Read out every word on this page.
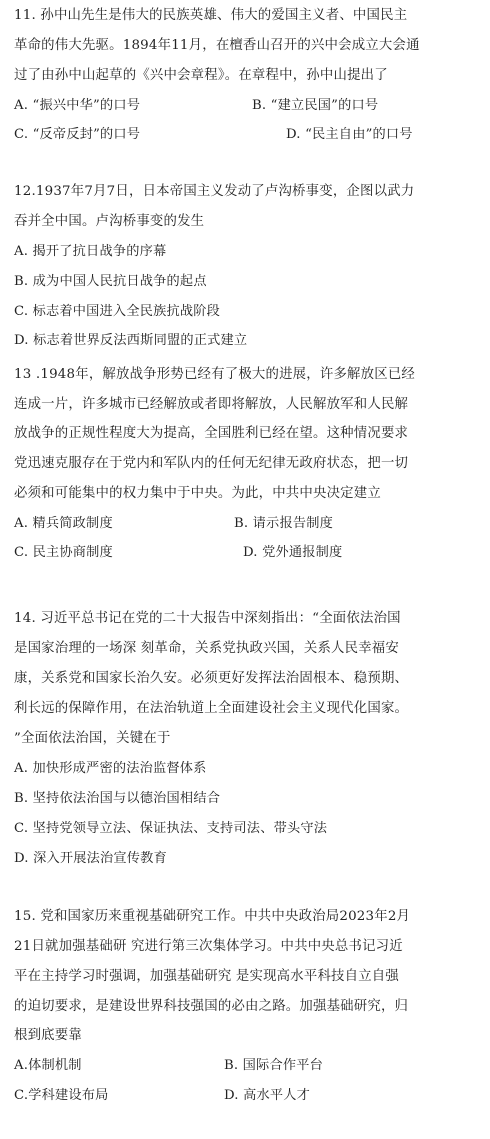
11. 孙中山先生是伟大的民族英雄、伟大的爱国主义者、中国民主
革命的伟大先驱。1894年11月，在檀香山召开的兴中会成立大会通
过了由孙中山起草的《兴中会章程》。在章程中，孙中山提出了
A. “振兴中华”的口号	B. “建立民国”的口号
C. “反帝反封”的口号	D. “民主自由”的口号
12.1937年7月7日，日本帝国主义发动了卢沟桥事变，企图以武力
吞并全中国。卢沟桥事变的发生
A. 揭开了抗日战争的序幕
B. 成为中国人民抗日战争的起点
C. 标志着中国进入全民族抗战阶段
D. 标志着世界反法西斯同盟的正式建立
13 .1948年，解放战争形势已经有了极大的进展，许多解放区已经
连成一片，许多城市已经解放或者即将解放，人民解放军和人民解
放战争的正规性程度大为提高，全国胜利已经在望。这种情况要求
党迅速克服存在于党内和军队内的任何无纪律无政府状态，把一切
必须和可能集中的权力集中于中央。为此，中共中央决定建立
A. 精兵简政制度	B. 请示报告制度
C. 民主协商制度	D. 党外通报制度
14. 习近平总书记在党的二十大报告中深刻指出：“全面依法治国
是国家治理的一场深 刻革命，关系党执政兴国，关系人民幸福安
康，关系党和国家长治久安。必须更好发挥法治固根本、稳预期、
利长远的保障作用，在法治轨道上全面建设社会主义现代化国家。
”全面依法治国，关键在于
A. 加快形成严密的法治监督体系
B. 坚持依法治国与以德治国相结合
C. 坚持党领导立法、保证执法、支持司法、带头守法
D. 深入开展法治宣传教育
15. 党和国家历来重视基础研究工作。中共中央政治局2023年2月
21日就加强基础研 究进行第三次集体学习。中共中央总书记习近
平在主持学习时强调，加强基础研究 是实现高水平科技自立自强
的迫切要求，是建设世界科技强国的必由之路。加强基础研究，归
根到底要靠
A.体制机制	B. 国际合作平台
C.学科建设布局	D. 高水平人才
